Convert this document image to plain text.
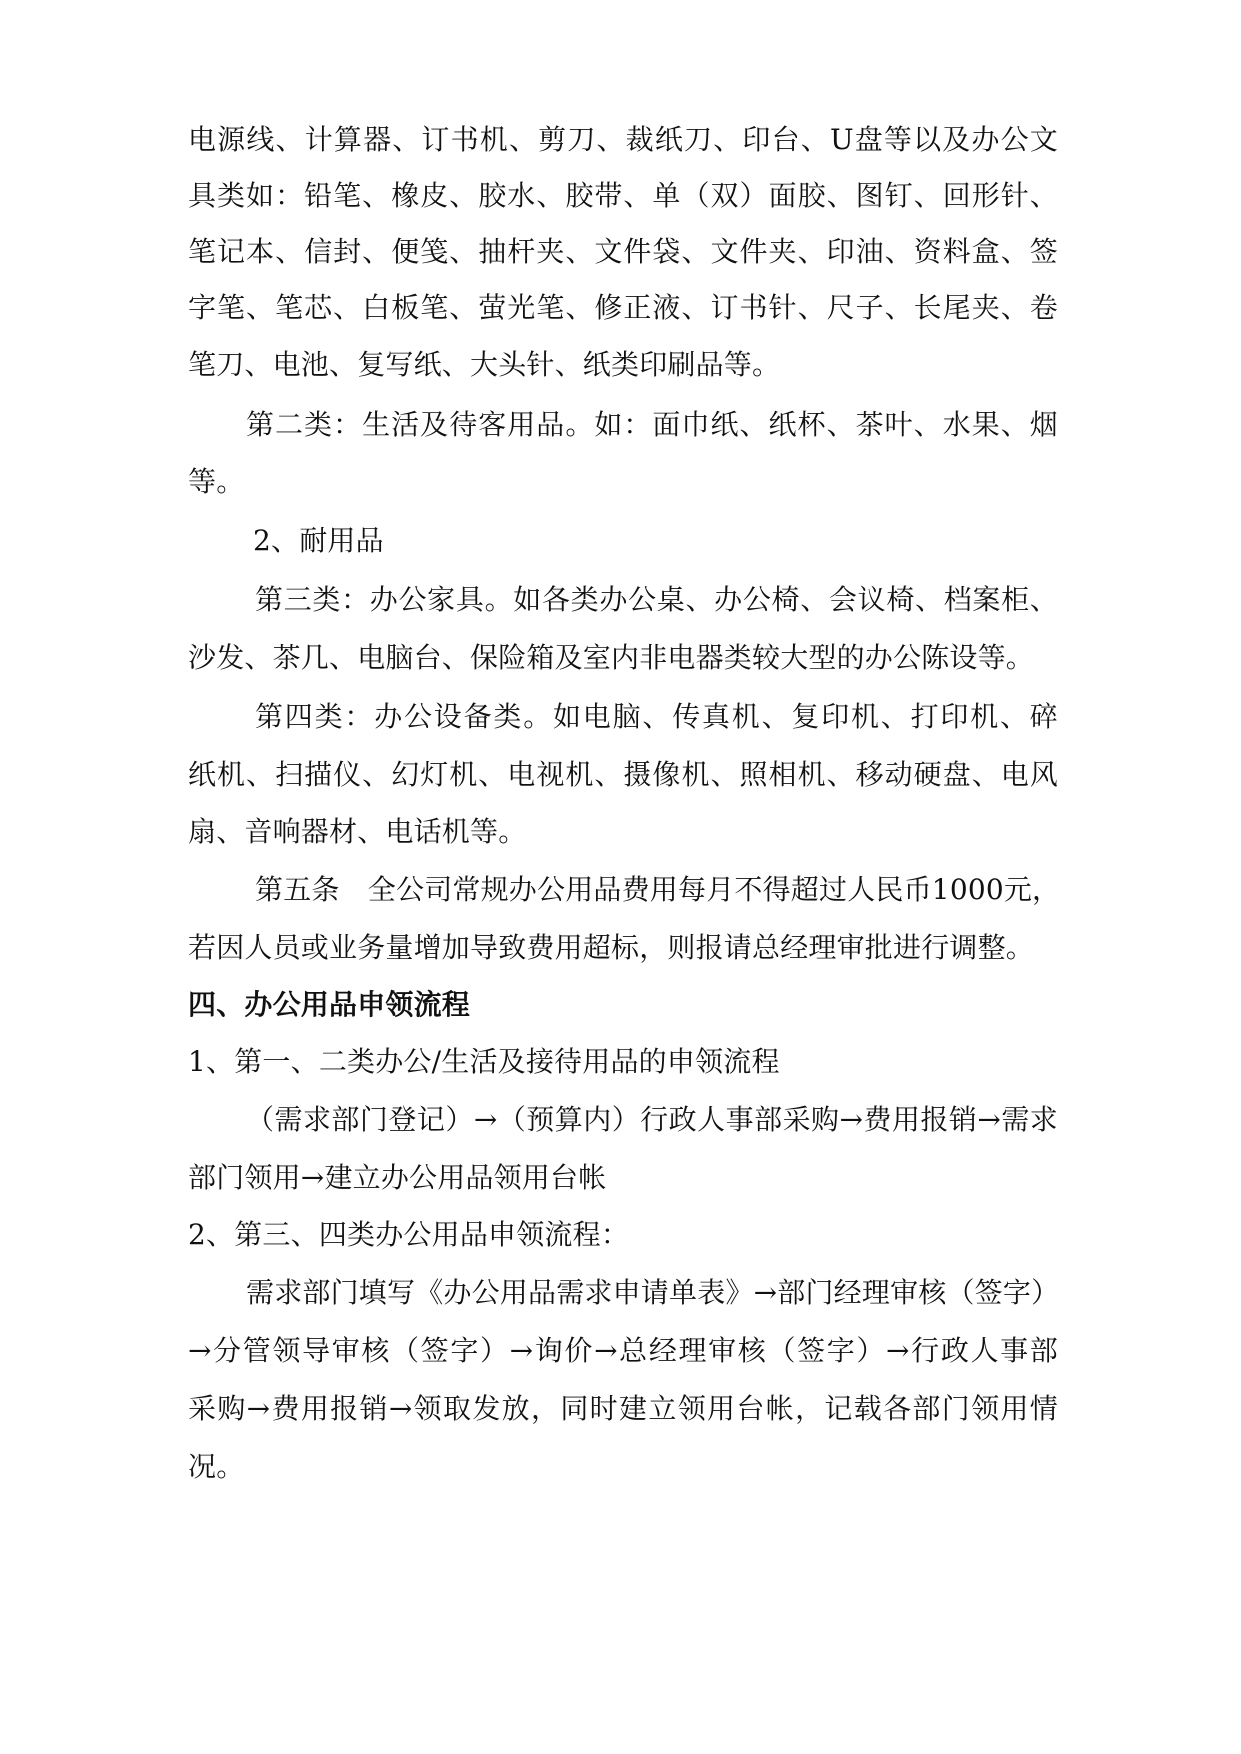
电源线、计算器、订书机、剪刀、裁纸刀、印台、U盘等以及办公文
具类如：铅笔、橡皮、胶水、胶带、单（双）面胶、图钉、回形针、
笔记本、信封、便笺、抽杆夹、文件袋、文件夹、印油、资料盒、签
字笔、笔芯、白板笔、萤光笔、修正液、订书针、尺子、长尾夹、卷
笔刀、电池、复写纸、大头针、纸类印刷品等。
第二类：生活及待客用品。如：面巾纸、纸杯、茶叶、水果、烟
等。
2、耐用品
第三类：办公家具。如各类办公桌、办公椅、会议椅、档案柜、
沙发、茶几、电脑台、保险箱及室内非电器类较大型的办公陈设等。
第四类：办公设备类。如电脑、传真机、复印机、打印机、碎
纸机、扫描仪、幻灯机、电视机、摄像机、照相机、移动硬盘、电风
扇、音响器材、电话机等。
第五条　全公司常规办公用品费用每月不得超过人民币1000元，
若因人员或业务量增加导致费用超标，则报请总经理审批进行调整。
四、办公用品申领流程
1、第一、二类办公/生活及接待用品的申领流程
（需求部门登记）→（预算内）行政人事部采购→费用报销→需求
部门领用→建立办公用品领用台帐
2、第三、四类办公用品申领流程：
需求部门填写《办公用品需求申请单表》→部门经理审核（签字）
→分管领导审核（签字）→询价→总经理审核（签字）→行政人事部
采购→费用报销→领取发放，同时建立领用台帐，记载各部门领用情
况。
